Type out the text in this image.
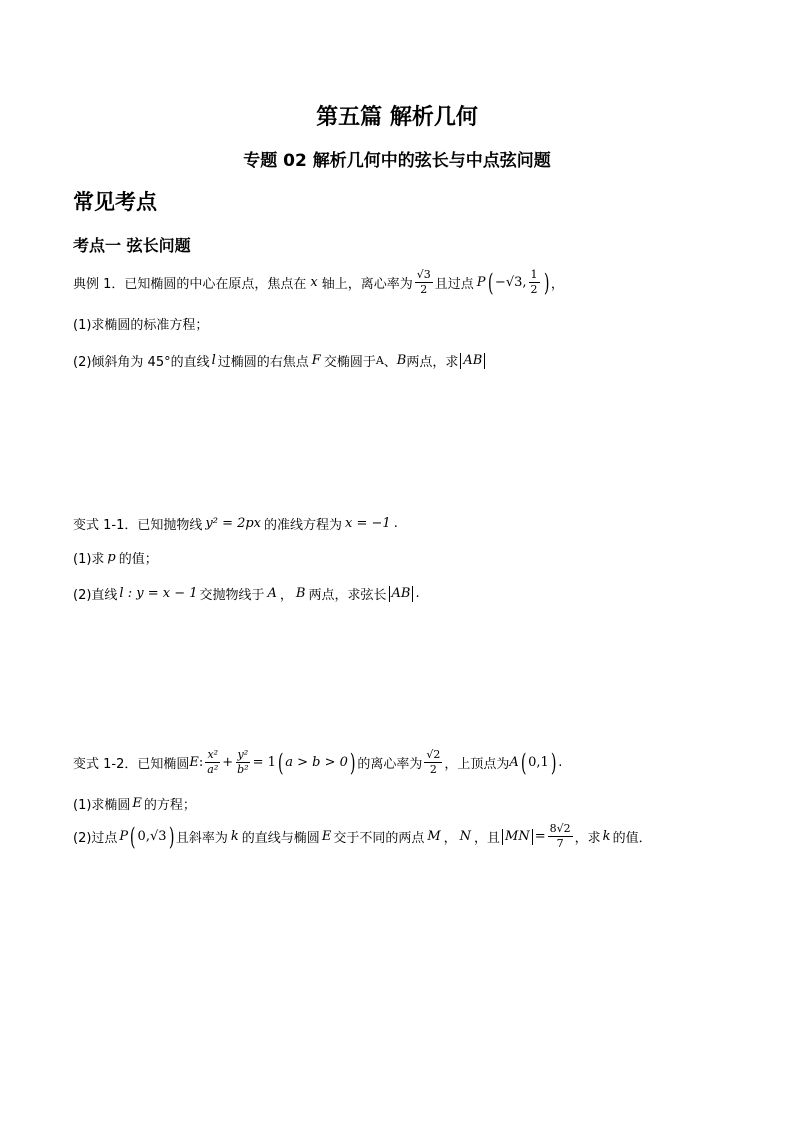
第五篇 解析几何
专题 02 解析几何中的弦长与中点弦问题
常见考点
考点一 弦长问题
典例 1．已知椭圆的中心在原点，焦点在 x 轴上，离心率为 $\frac{√3}{2}$ 且过点 P ( −√3 , $\frac{1}{2}$ ) ，
(1)求椭圆的标准方程；
(2)倾斜角为 45°的直线 l 过椭圆的右焦点 F 交椭圆于 A 、 B 两点，求 AB
变式 1-1．已知抛物线 y² = 2px 的准线方程为 x = −1 .
(1)求 p 的值；
(2)直线 l : y = x − 1 交抛物线于 A ， B 两点，求弦长 AB .
变式 1-2．已知椭圆 E : $\frac{\text{x²}}{\text{a²}} + \frac{\text{y²}}{\text{b²}} = 1$ ( a > b > 0 ) 的离心率为 $\frac{√2}{2}$ ，上顶点为 A ( 0,1 ) .
(1)求椭圆 E 的方程；
(2)过点 P ( 0,√3 ) 且斜率为 k 的直线与椭圆 E 交于不同的两点 M ， N ，且 MN = $\frac{8√2}{7}$ ，求 k 的值．
